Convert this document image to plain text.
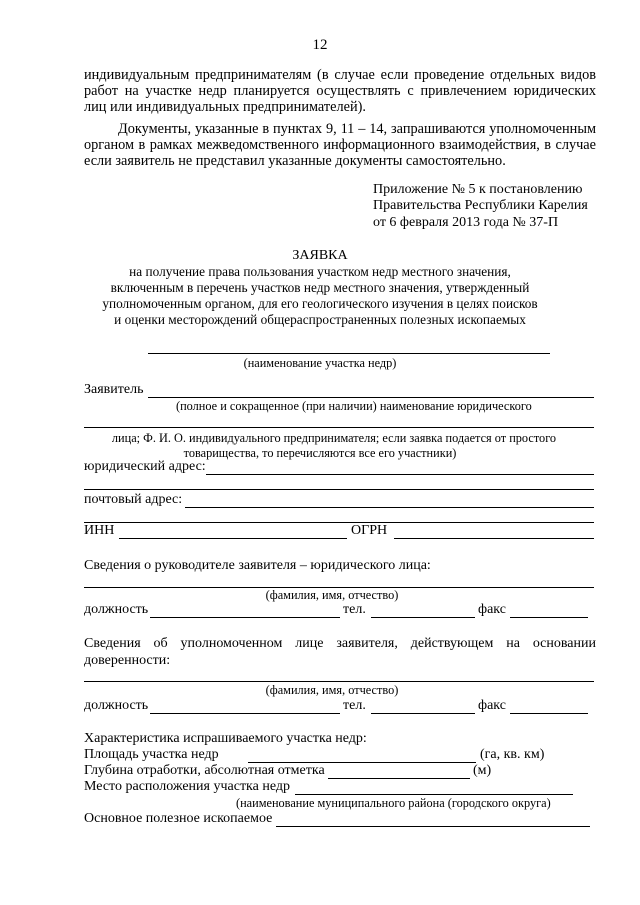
12
индивидуальным предпринимателям (в случае если проведение отдельных видов работ на участке недр планируется осуществлять с привлечением юридических лиц или индивидуальных предпринимателей).
Документы, указанные в пунктах 9, 11 – 14, запрашиваются уполномоченным органом в рамках межведомственного информационного взаимодействия, в случае если заявитель не представил указанные документы самостоятельно.
Приложение № 5 к постановлению
Правительства Республики Карелия
от 6 февраля 2013 года № 37-П
ЗАЯВКА
на получение права пользования участком недр местного значения, включенным в перечень участков недр местного значения, утвержденный уполномоченным органом, для его геологического изучения в целях поисков и оценки месторождений общераспространенных полезных ископаемых
(наименование участка недр)
Заявитель
(полное и сокращенное (при наличии) наименование юридического
лица; Ф. И. О. индивидуального предпринимателя; если заявка подается от простого
товарищества, то перечисляются все его участники)
юридический адрес:
почтовый адрес:
ИНН	ОГРН
Сведения о руководителе заявителя – юридического лица:
(фамилия, имя, отчество)
должность	тел.	факс
Сведения об уполномоченном лице заявителя, действующем на основании
доверенности:
(фамилия, имя, отчество)
должность	тел.	факс
Характеристика испрашиваемого участка недр:
Площадь участка недр	(га, кв. км)
Глубина отработки, абсолютная отметка	(м)
Место расположения участка недр
(наименование муниципального района (городского округа)
Основное полезное ископаемое
